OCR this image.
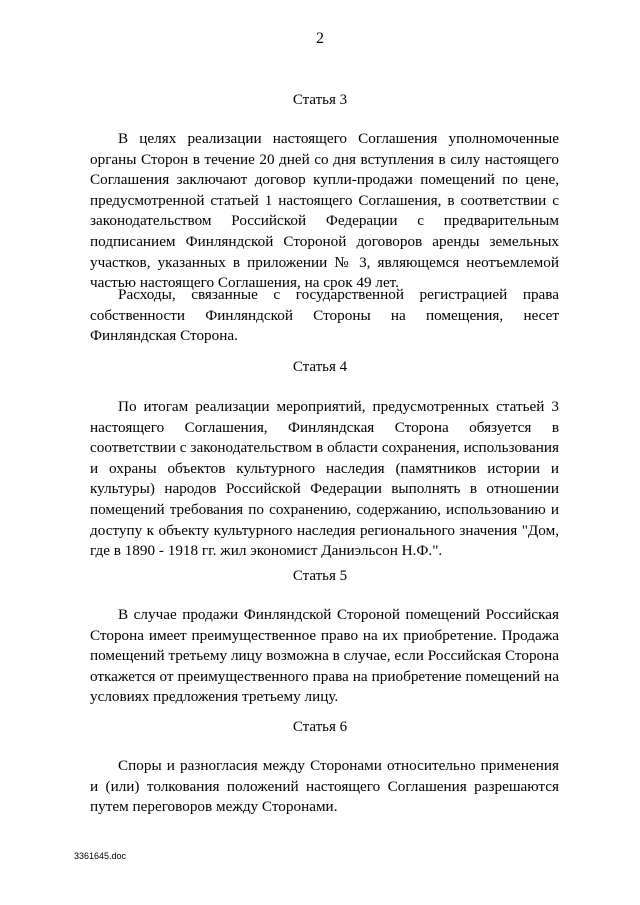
2
Статья 3

В целях реализации настоящего Соглашения уполномоченные органы Сторон в течение 20 дней со дня вступления в силу настоящего Соглашения заключают договор купли-продажи помещений по цене, предусмотренной статьей 1 настоящего Соглашения, в соответствии с законодательством Российской Федерации с предварительным подписанием Финляндской Стороной договоров аренды земельных участков, указанных в приложении № 3, являющемся неотъемлемой частью настоящего Соглашения, на срок 49 лет.

Расходы, связанные с государственной регистрацией права собственности Финляндской Стороны на помещения, несет Финляндская Сторона.

Статья 4

По итогам реализации мероприятий, предусмотренных статьей 3 настоящего Соглашения, Финляндская Сторона обязуется в соответствии с законодательством в области сохранения, использования и охраны объектов культурного наследия (памятников истории и культуры) народов Российской Федерации выполнять в отношении помещений требования по сохранению, содержанию, использованию и доступу к объекту культурного наследия регионального значения "Дом, где в 1890 - 1918 гг. жил экономист Даниэльсон Н.Ф.".

Статья 5

В случае продажи Финляндской Стороной помещений Российская Сторона имеет преимущественное право на их приобретение. Продажа помещений третьему лицу возможна в случае, если Российская Сторона откажется от преимущественного права на приобретение помещений на условиях предложения третьему лицу.

Статья 6

Споры и разногласия между Сторонами относительно применения и (или) толкования положений настоящего Соглашения разрешаются путем переговоров между Сторонами.

3361645.doc
